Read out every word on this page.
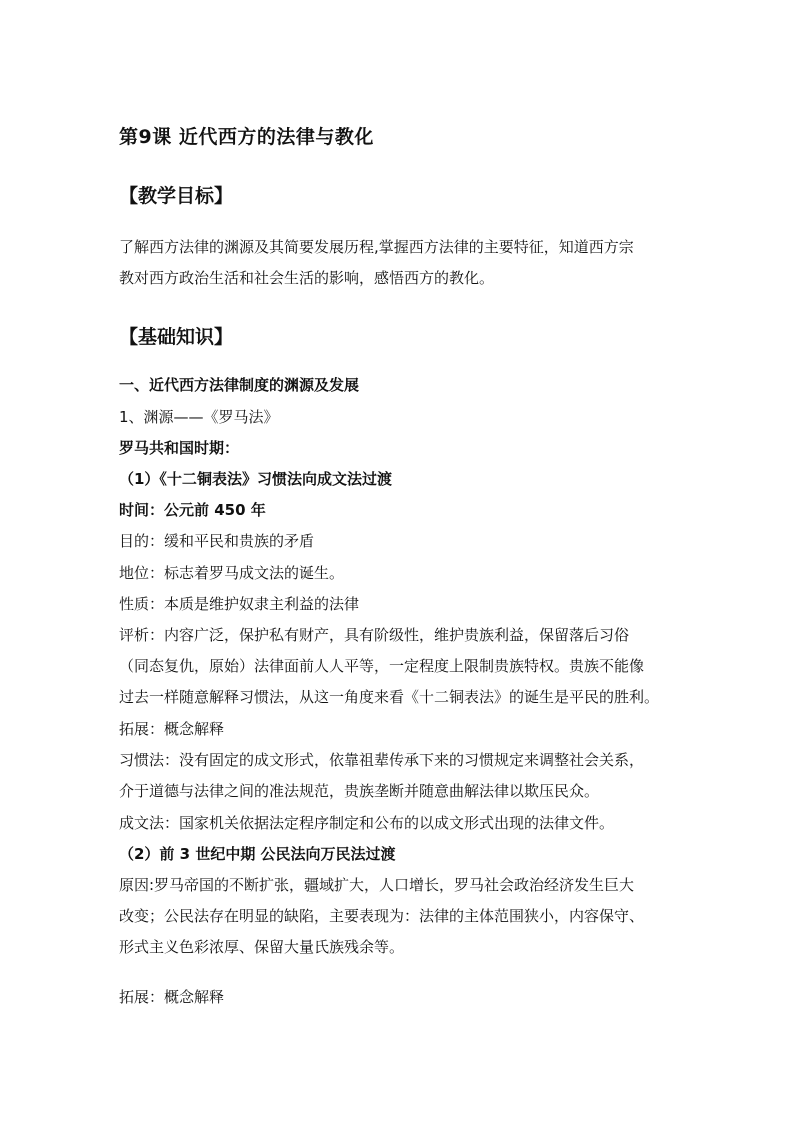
第9课 近代西方的法律与教化
【教学目标】
了解西方法律的渊源及其简要发展历程,掌握西方法律的主要特征，知道西方宗
教对西方政治生活和社会生活的影响，感悟西方的教化。
【基础知识】
一、近代西方法律制度的渊源及发展
1、渊源——《罗马法》
罗马共和国时期：
（1）《十二铜表法》习惯法向成文法过渡
时间：公元前 450 年
目的：缓和平民和贵族的矛盾
地位：标志着罗马成文法的诞生。
性质：本质是维护奴隶主利益的法律
评析：内容广泛，保护私有财产，具有阶级性，维护贵族利益，保留落后习俗
（同态复仇，原始）法律面前人人平等，一定程度上限制贵族特权。贵族不能像
过去一样随意解释习惯法，从这一角度来看《十二铜表法》的诞生是平民的胜利。
拓展：概念解释
习惯法：没有固定的成文形式，依靠祖辈传承下来的习惯规定来调整社会关系，
介于道德与法律之间的准法规范，贵族垄断并随意曲解法律以欺压民众。
成文法：国家机关依据法定程序制定和公布的以成文形式出现的法律文件。
（2）前 3 世纪中期 公民法向万民法过渡
原因:罗马帝国的不断扩张，疆域扩大，人口增长，罗马社会政治经济发生巨大
改变；公民法存在明显的缺陷，主要表现为：法律的主体范围狭小，内容保守、
形式主义色彩浓厚、保留大量氏族残余等。
拓展：概念解释
